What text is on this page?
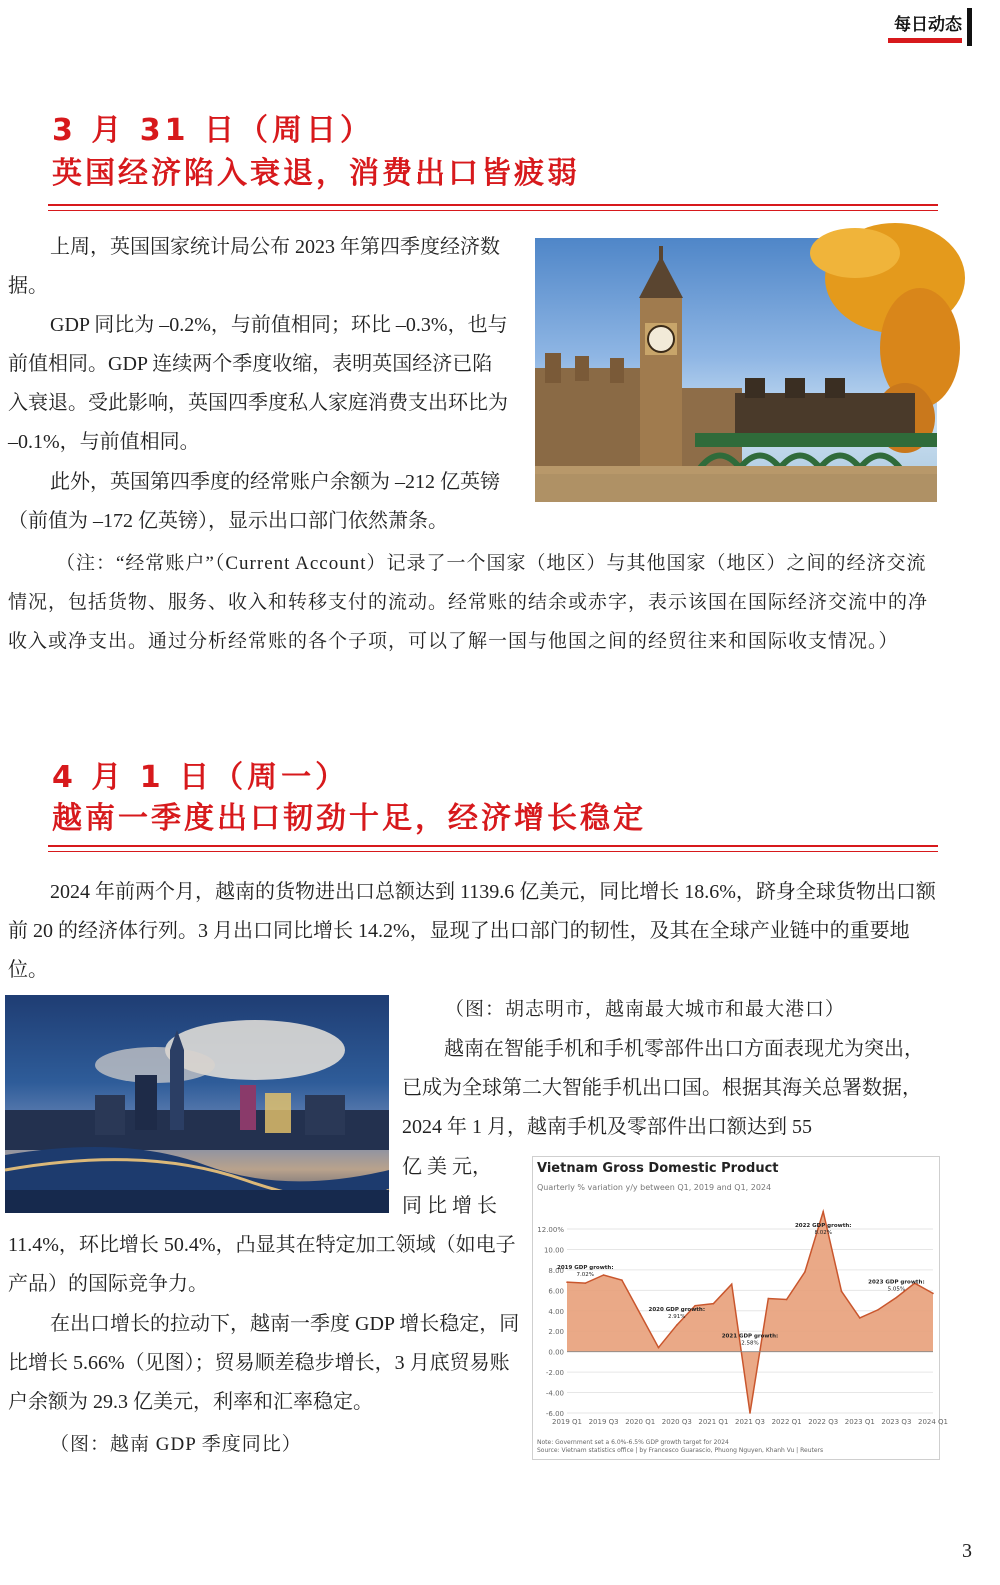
每日动态
3 月 31 日（周日）
英国经济陷入衰退，消费出口皆疲弱
上周，英国国家统计局公布 2023 年第四季度经济数据。
GDP 同比为 –0.2%，与前值相同；环比 –0.3%，也与前值相同。GDP 连续两个季度收缩，表明英国经济已陷入衰退。受此影响，英国四季度私人家庭消费支出环比为 –0.1%，与前值相同。
此外，英国第四季度的经常账户余额为 –212 亿英镑（前值为 –172 亿英镑），显示出口部门依然萧条。
（注：“经常账户”（Current Account）记录了一个国家（地区）与其他国家（地区）之间的经济交流情况，包括货物、服务、收入和转移支付的流动。经常账的结余或赤字，表示该国在国际经济交流中的净收入或净支出。通过分析经常账的各个子项，可以了解一国与他国之间的经贸往来和国际收支情况。）
4 月 1 日（周一）
越南一季度出口韧劲十足，经济增长稳定
2024 年前两个月，越南的货物进出口总额达到 1139.6 亿美元，同比增长 18.6%，跻身全球货物出口额前 20 的经济体行列。3 月出口同比增长 14.2%，显现了出口部门的韧性，及其在全球产业链中的重要地位。
（图：胡志明市，越南最大城市和最大港口）
越南在智能手机和手机零部件出口方面表现尤为突出，已成为全球第二大智能手机出口国。根据其海关总署数据，2024 年 1 月，越南手机及零部件出口额达到 55
亿 美 元，
同 比 增 长
11.4%，环比增长 50.4%，凸显其在特定加工领域（如电子产品）的国际竞争力。
在出口增长的拉动下，越南一季度 GDP 增长稳定，同比增长 5.66%（见图）；贸易顺差稳步增长，3 月底贸易账户余额为 29.3 亿美元，利率和汇率稳定。
（图：越南 GDP 季度同比）
Vietnam Gross Domestic Product
Quarterly % variation y/y between Q1, 2019 and Q1, 2024
12.00%
10.00
8.00
6.00
4.00
2.00
0.00
-2.00
-4.00
-6.00
2019 Q1 2019 Q3 2020 Q1 2020 Q3 2021 Q1 2021 Q3 2022 Q1 2022 Q3 2023 Q1 2023 Q3 2024 Q1
2019 GDP growth:
7.02%
2020 GDP growth:
2.91%
2021 GDP growth:
2.58%
2022 GDP growth:
8.02%
2023 GDP growth:
5.05%
Note: Government set a 6.0%-6.5% GDP growth target for 2024
Source: Vietnam statistics office | by Francesco Guarascio, Phuong Nguyen, Khanh Vu | Reuters
3
